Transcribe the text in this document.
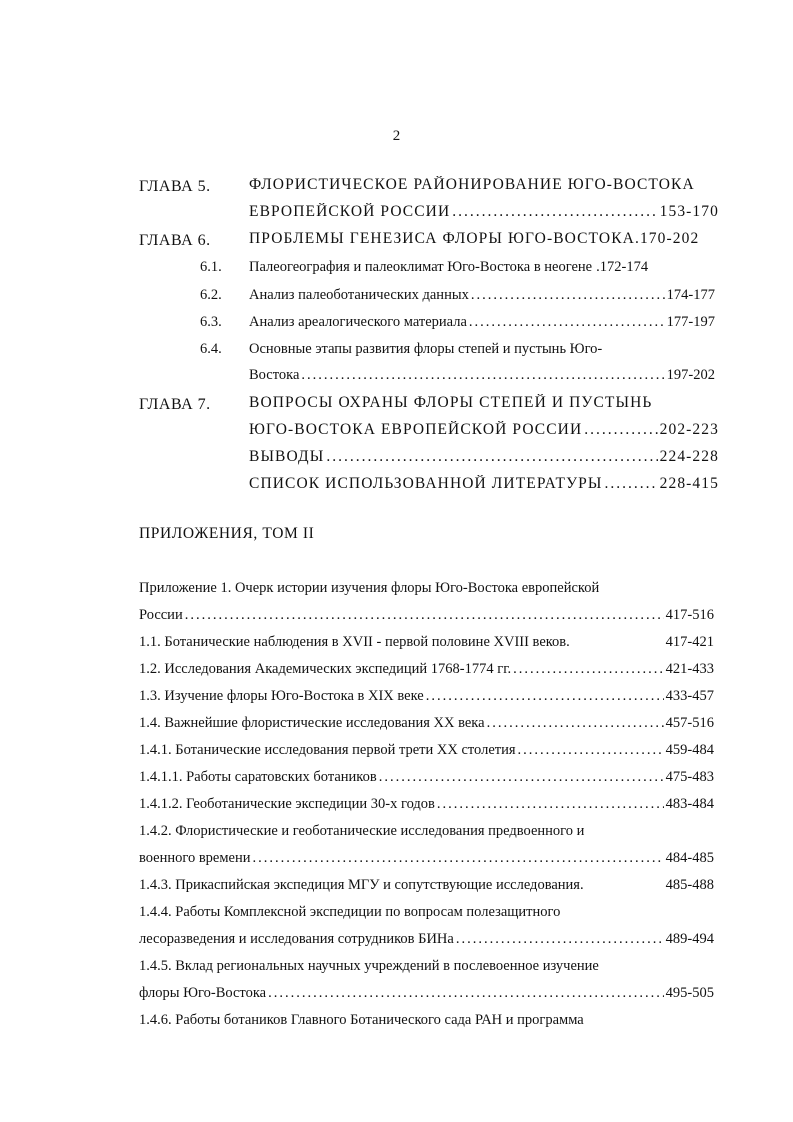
2
ГЛАВА 5.	ФЛОРИСТИЧЕСКОЕ РАЙОНИРОВАНИЕ ЮГО-ВОСТОКА
ЕВРОПЕЙСКОЙ РОССИИ .....	153-170
ГЛАВА 6.	ПРОБЛЕМЫ ГЕНЕЗИСА ФЛОРЫ ЮГО-ВОСТОКА. 170-202
6.1. Палеогеография и палеоклимат Юго-Востока в неогене .172-174
6.2. Анализ палеоботанических данных .....	174-177
6.3. Анализ ареалогического материала .....	177-197
6.4. Основные этапы развития флоры степей и пустынь Юго-
Востока .....	197-202
ГЛАВА 7.	ВОПРОСЫ ОХРАНЫ ФЛОРЫ СТЕПЕЙ И ПУСТЫНЬ
ЮГО-ВОСТОКА ЕВРОПЕЙСКОЙ РОССИИ .....	202-223
ВЫВОДЫ .....	224-228
СПИСОК ИСПОЛЬЗОВАННОЙ ЛИТЕРАТУРЫ .....	228-415
ПРИЛОЖЕНИЯ, ТОМ II
Приложение 1. Очерк истории изучения флоры Юго-Востока европейской
России .....	417-516
1.1. Ботанические наблюдения в XVII - первой половине XVIII веков.	417-421
1.2. Исследования Академических экспедиций 1768-1774 гг. .....	421-433
1.3. Изучение флоры Юго-Востока в XIX веке .....	433-457
1.4. Важнейшие флористические исследования XX века .....	457-516
1.4.1. Ботанические исследования первой трети XX столетия .....	459-484
1.4.1.1. Работы саратовских ботаников .....	475-483
1.4.1.2. Геоботанические экспедиции 30-х годов .....	483-484
1.4.2. Флористические и геоботанические исследования предвоенного и
военного времени .....	484-485
1.4.3. Прикаспийская экспедиция МГУ и сопутствующие исследования.	485-488
1.4.4. Работы Комплексной экспедиции по вопросам полезащитного
лесоразведения и исследования сотрудников БИНа .....	489-494
1.4.5. Вклад региональных научных учреждений в послевоенное изучение
флоры Юго-Востока .....	495-505
1.4.6. Работы ботаников Главного Ботанического сада РАН и программа
